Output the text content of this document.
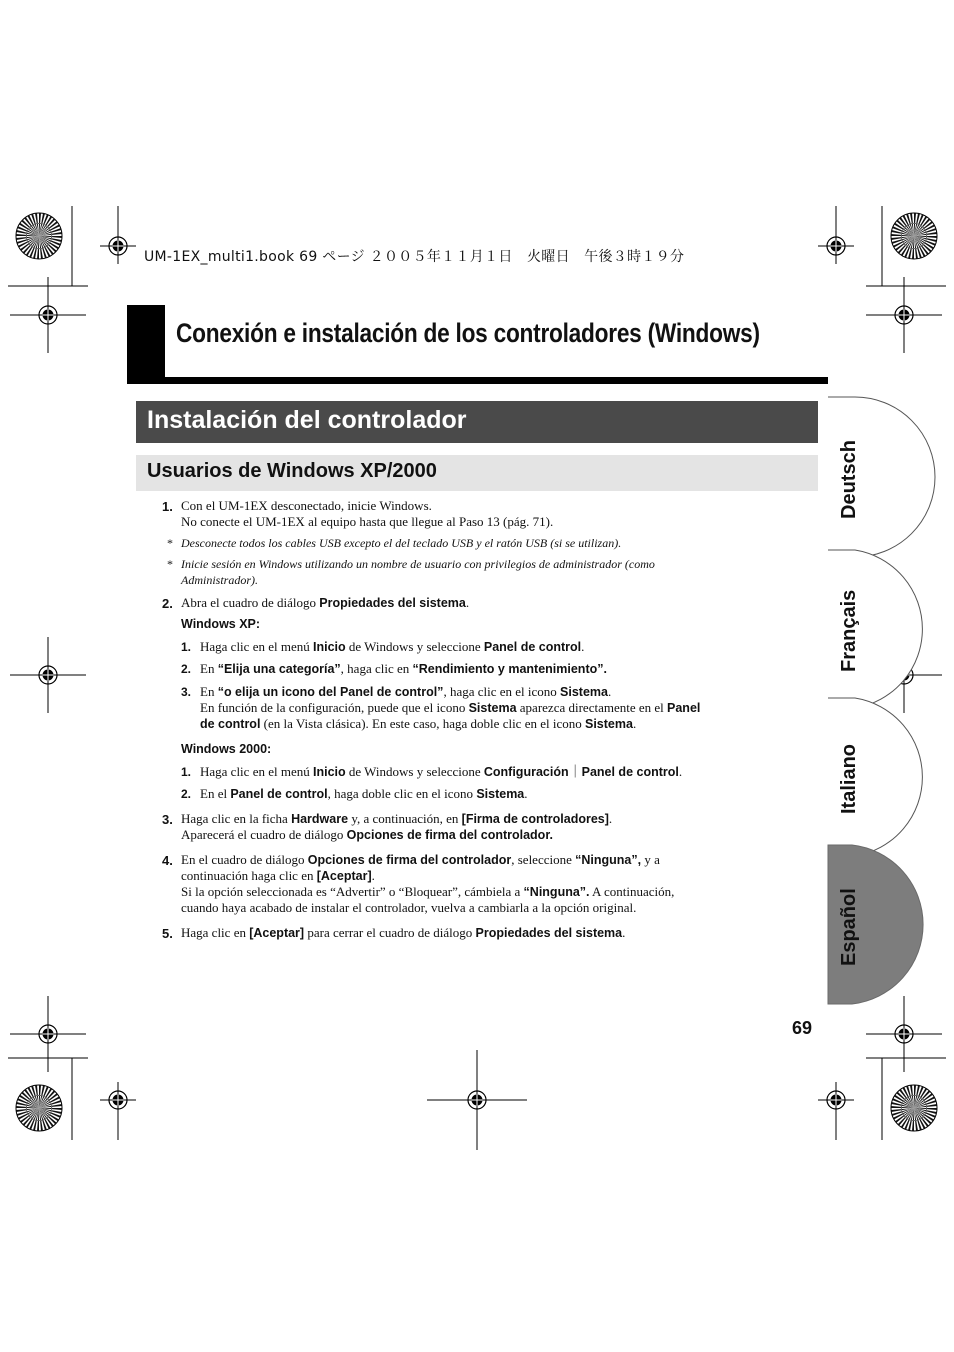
UM-1EX_multi1.book 69 ページ ２００５年１１月１日　火曜日　午後３時１９分
Conexión e instalación de los controladores (Windows)
Instalación del controlador
Usuarios de Windows XP/2000	Deutsch
Français
Italiano
Español
1. Con el UM-1EX desconectado, inicie Windows.
No conecte el UM-1EX al equipo hasta que llegue al Paso 13 (pág. 71).
* Desconecte todos los cables USB excepto el del teclado USB y el ratón USB (si se utilizan).
* Inicie sesión en Windows utilizando un nombre de usuario con privilegios de administrador (como
Administrador).
2. Abra el cuadro de diálogo Propiedades del sistema.
Windows XP:
1. Haga clic en el menú Inicio de Windows y seleccione Panel de control.
2. En “Elija una categoría”, haga clic en “Rendimiento y mantenimiento”.
3. En “o elija un icono del Panel de control”, haga clic en el icono Sistema.
En función de la configuración, puede que el icono Sistema aparezca directamente en el Panel
de control (en la Vista clásica). En este caso, haga doble clic en el icono Sistema.
Windows 2000:
1. Haga clic en el menú Inicio de Windows y seleccione Configuración｜Panel de control.
2. En el Panel de control, haga doble clic en el icono Sistema.
3. Haga clic en la ficha Hardware y, a continuación, en [Firma de controladores].
Aparecerá el cuadro de diálogo Opciones de firma del controlador.
4. En el cuadro de diálogo Opciones de firma del controlador, seleccione “Ninguna”, y a
continuación haga clic en [Aceptar].
Si la opción seleccionada es “Advertir” o “Bloquear”, cámbiela a “Ninguna”. A continuación,
cuando haya acabado de instalar el controlador, vuelva a cambiarla a la opción original.
5. Haga clic en [Aceptar] para cerrar el cuadro de diálogo Propiedades del sistema.
69
